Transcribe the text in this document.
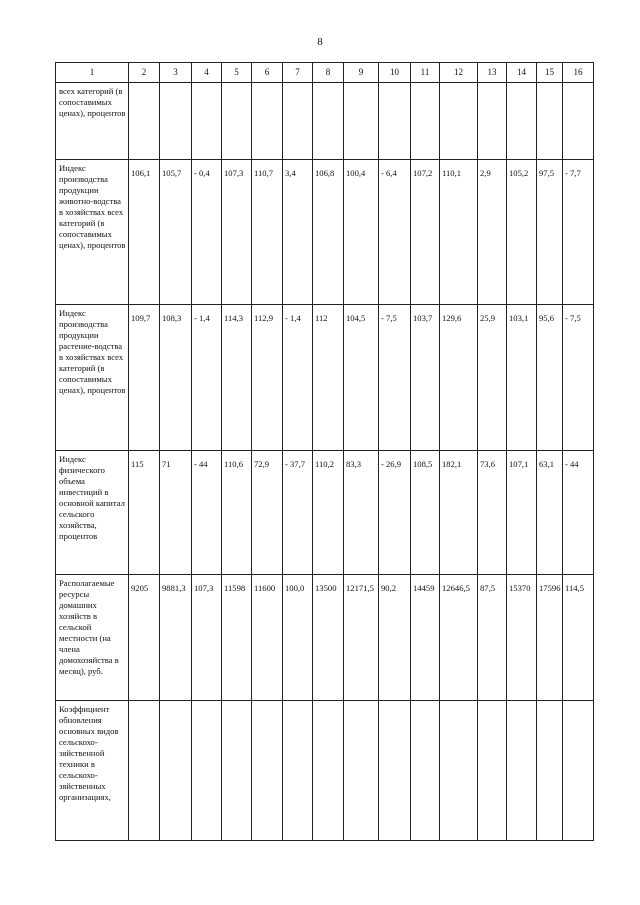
8
1	2	3	4	5	6	7	8	9	10	11	12	13	14	15	16
всех категорий (в сопоставимых ценах), процентов															
Индекс производства продукции животно-водства в хозяйствах всех категорий (в сопоставимых ценах), процентов	106,1	105,7	- 0,4	107,3	110,7	3,4	106,8	100,4	- 6,4	107,2	110,1	2,9	105,2	97,5	- 7,7
Индекс производства продукции растение-водства в хозяйствах всех категорий (в сопоставимых ценах), процентов	109,7	108,3	- 1,4	114,3	112,9	- 1,4	112	104,5	- 7,5	103,7	129,6	25,9	103,1	95,6	- 7,5
Индекс физического объема инвестиций в основной капитал сельского хозяйства, процентов	115	71	- 44	110,6	72,9	- 37,7	110,2	83,3	- 26,9	108,5	182,1	73,6	107,1	63,1	- 44
Располагаемые ресурсы домашних хозяйств в сельской местности (на члена домохозяйства в месяц), руб.	9205	9881,3	107,3	11598	11600	100,0	13500	12171,5	90,2	14459	12646,5	87,5	15370	17596	114,5
Коэффициент обновления основных видов сельскохо-зяйственной техники в сельскохо-зяйственных организациях,															
